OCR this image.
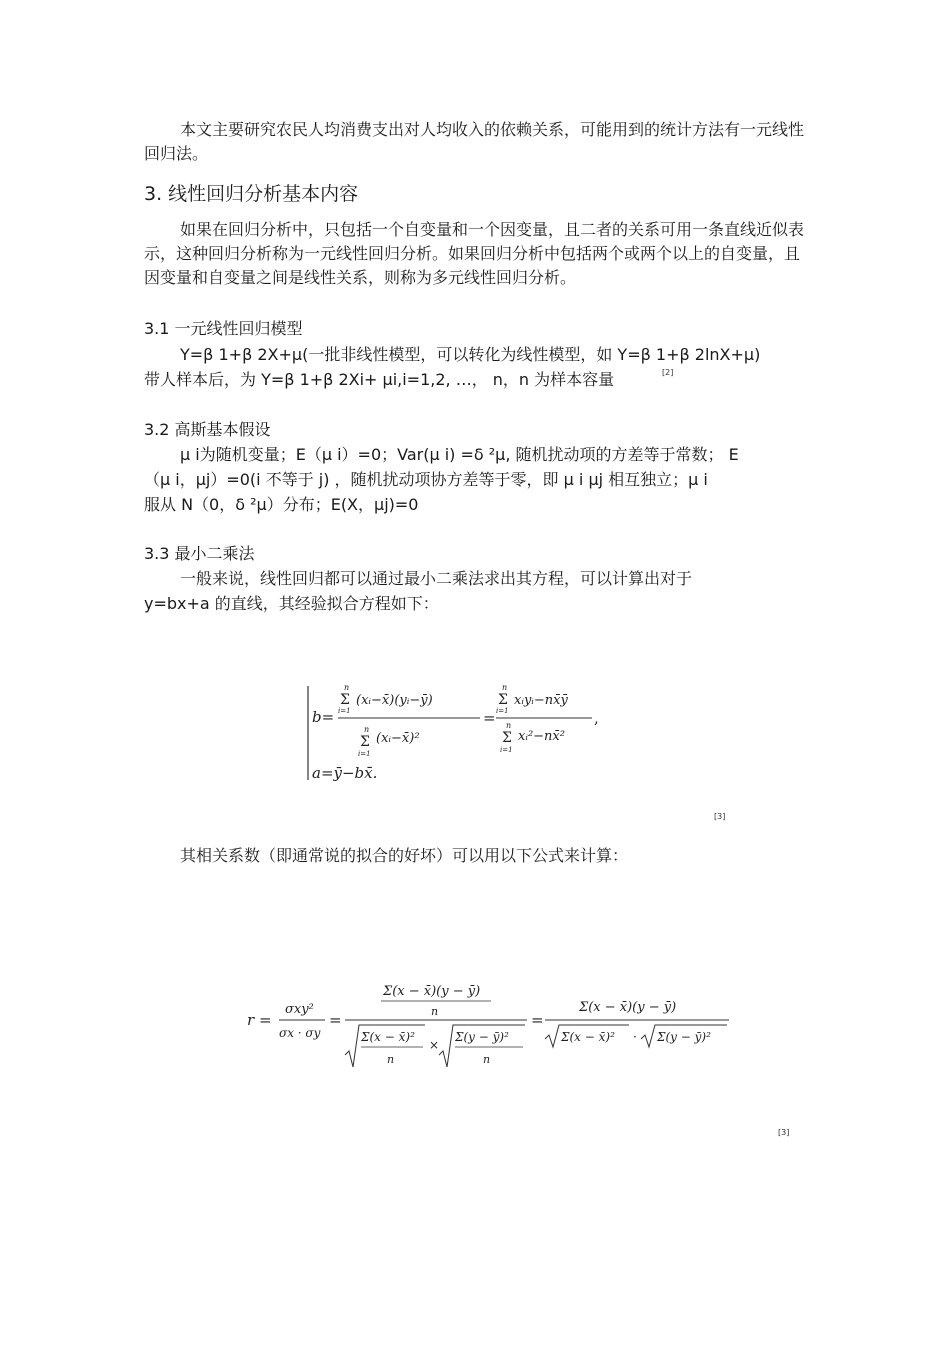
本文主要研究农民人均消费支出对人均收入的依赖关系，可能用到的统计方法有一元线性回归法。

3. 线性回归分析基本内容

如果在回归分析中，只包括一个自变量和一个因变量，且二者的关系可用一条直线近似表示，这种回归分析称为一元线性回归分析。如果回归分析中包括两个或两个以上的自变量，且因变量和自变量之间是线性关系，则称为多元线性回归分析。

3.1 一元线性回归模型

Y=β 1+β 2X+μ(一批非线性模型，可以转化为线性模型，如 Y=β 1+β 2lnX+μ)

带人样本后，为 Y=β 1+β 2Xi+ μi,i=1,2, …， n，n 为样本容量	[2]
3.2 高斯基本假设

μ i为随机变量；E（μ i）=0；Var(μ i) =δ ²μ, 随机扰动项的方差等于常数； E

（μ i，μj）=0(i 不等于 j) ，随机扰动项协方差等于零，即 μ i μj 相互独立；μ i

服从 N（0，δ ²μ）分布；E(X，μj)=0

3.3 最小二乘法

一般来说，线性回归都可以通过最小二乘法求出其方程，可以计算出对于

y=bx+a 的直线，其经验拟合方程如下：

b=
Σ
n
i=1
(xᵢ−x̄)(yᵢ−ȳ)
Σ
n
i=1
(xᵢ−x̄)²
=
Σ
n
i=1
xᵢyᵢ−nx̄ȳ
Σ
n
i=1
xᵢ²−nx̄²
,
a=ȳ−bx̄.
[3]

其相关系数（即通常说的拟合的好坏）可以用以下公式来计算：

r =
σxy²
σx · σy
=
Σ(x − x̄)(y − ȳ)
n
Σ(x − x̄)²
n
×
Σ(y − ȳ)²
n
=
Σ(x − x̄)(y − ȳ)
Σ(x − x̄)² · Σ(y − ȳ)²
[3]
